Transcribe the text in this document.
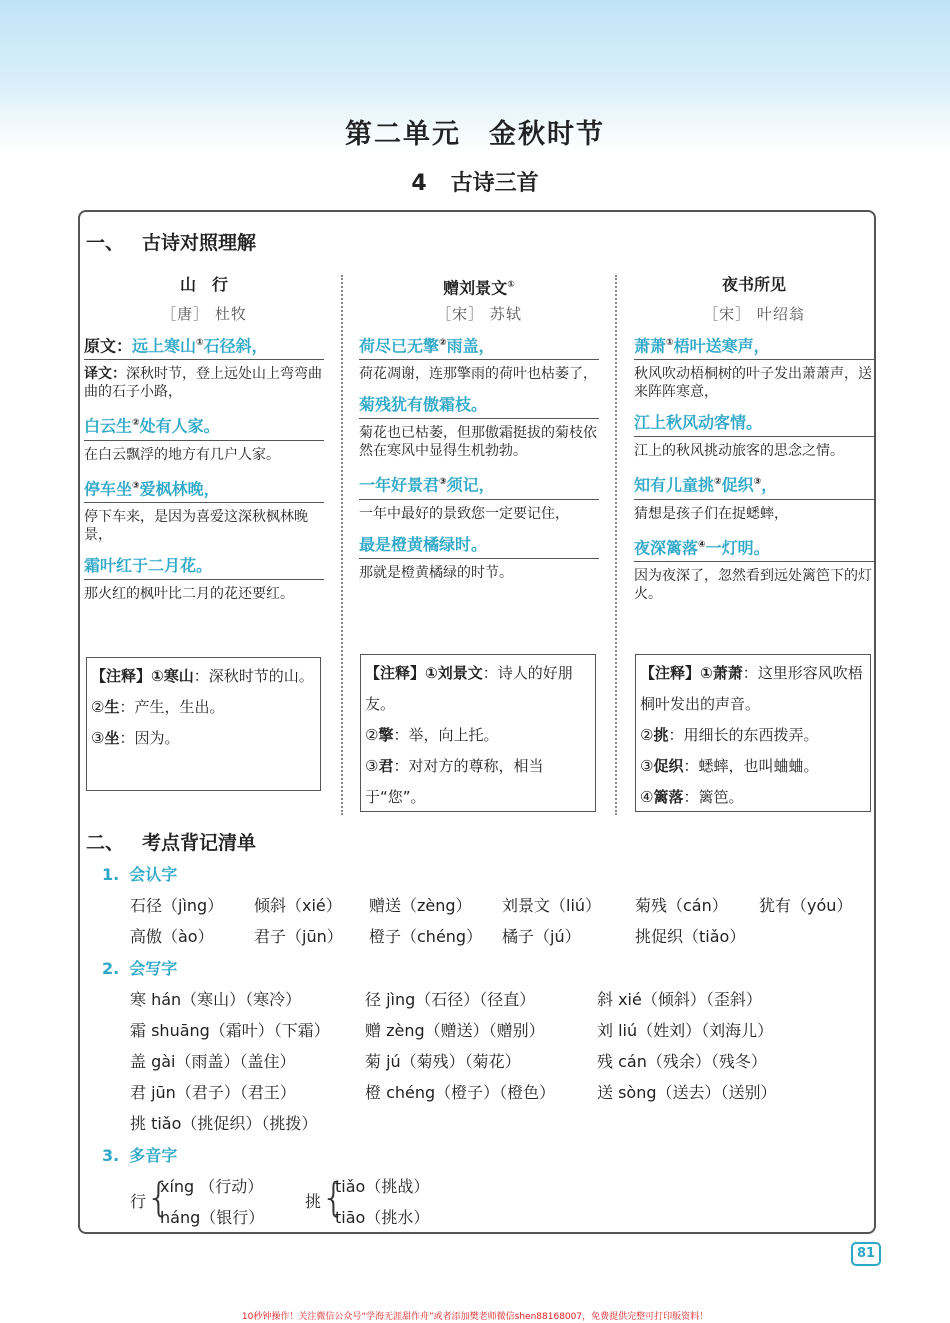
第二单元 金秋时节
4 古诗三首
一、 古诗对照理解
山　行
［唐］ 杜牧
原文：远上寒山①石径斜，
译文：深秋时节，登上远处山上弯弯曲曲的石子小路，
白云生②处有人家。
在白云飘浮的地方有几户人家。
停车坐③爱枫林晚，
停下车来，是因为喜爱这深秋枫林晚景，
霜叶红于二月花。
那火红的枫叶比二月的花还要红。
【注释】①寒山：深秋时节的山。
②生：产生，生出。
③坐：因为。
赠刘景文①
［宋］ 苏轼
荷尽已无擎②雨盖，
荷花凋谢，连那擎雨的荷叶也枯萎了，
菊残犹有傲霜枝。
菊花也已枯萎，但那傲霜挺拔的菊枝依然在寒风中显得生机勃勃。
一年好景君③须记，
一年中最好的景致您一定要记住，
最是橙黄橘绿时。
那就是橙黄橘绿的时节。
【注释】①刘景文：诗人的好朋友。
②擎：举，向上托。
③君：对对方的尊称，相当于“您”。
夜书所见
［宋］ 叶绍翁
萧萧①梧叶送寒声，
秋风吹动梧桐树的叶子发出萧萧声，送来阵阵寒意，
江上秋风动客情。
江上的秋风挑动旅客的思念之情。
知有儿童挑②促织③，
猜想是孩子们在捉蟋蟀，
夜深篱落④一灯明。
因为夜深了，忽然看到远处篱笆下的灯火。
【注释】①萧萧：这里形容风吹梧桐叶发出的声音。
②挑：用细长的东西拨弄。
③促织：蟋蟀，也叫蛐蛐。
④篱落：篱笆。
二、 考点背记清单
1. 会认字
石径（jìng） 倾斜（xié） 赠送（zèng） 刘景文（liú） 菊残（cán） 犹有（yóu）
高傲（ào）	君子（jūn） 橙子（chéng） 橘子（jú）	挑促织（tiǎo）
2. 会写字
寒 hán（寒山）（寒冷）	径 jìng（石径）（径直）	斜 xié（倾斜）（歪斜）
霜 shuāng（霜叶）（下霜） 赠 zèng（赠送）（赠别）	刘 liú（姓刘）（刘海儿）
盖 gài（雨盖）（盖住）	菊 jú（菊残）（菊花）	残 cán（残余）（残冬）
君 jūn（君子）（君王）	橙 chéng（橙子）（橙色）	送 sòng（送去）（送别）
挑 tiǎo（挑促织）（挑拨）
3. 多音字
行 {
xíng （行动）
háng（银行）
挑 {
tiǎo（挑战）
tiāo（挑水）
81
10秒钟操作！关注微信公众号“学海无涯甜作舟”或者添加樊老师微信shen88168007，免费提供完整可打印版资料！
